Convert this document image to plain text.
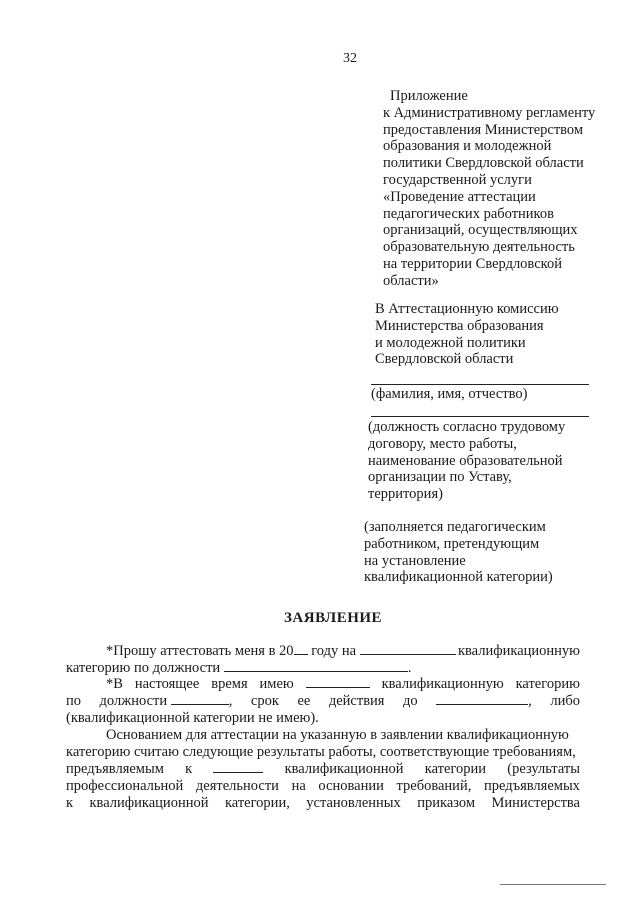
32
Приложение
к Административному регламенту
предоставления Министерством
образования и молодежной
политики Свердловской области
государственной услуги
«Проведение аттестации
педагогических работников
организаций, осуществляющих
образовательную деятельность
на территории Свердловской
области»
В Аттестационную комиссию
Министерства образования
и молодежной политики
Свердловской области
(фамилия, имя, отчество)
(должность согласно трудовому
договору, место работы,
наименование образовательной
организации по Уставу,
территория)
(заполняется педагогическим
работником, претендующим
на установление
квалификационной категории)
ЗАЯВЛЕНИЕ
*Прошу аттестовать меня в 20 году на	квалификационную
категорию по должности
	.
*В настоящее время имею	квалификационную категорию
по должности	, срок ее действия до	, либо
(квалификационной категории не имею).
Основанием для аттестации на указанную в заявлении квалификационную
категорию считаю следующие результаты работы, соответствующие требованиям,
предъявляемым к	квалификационной категории (результаты
профессиональной деятельности на основании требований, предъявляемых
к квалификационной категории, установленных приказом Министерства
